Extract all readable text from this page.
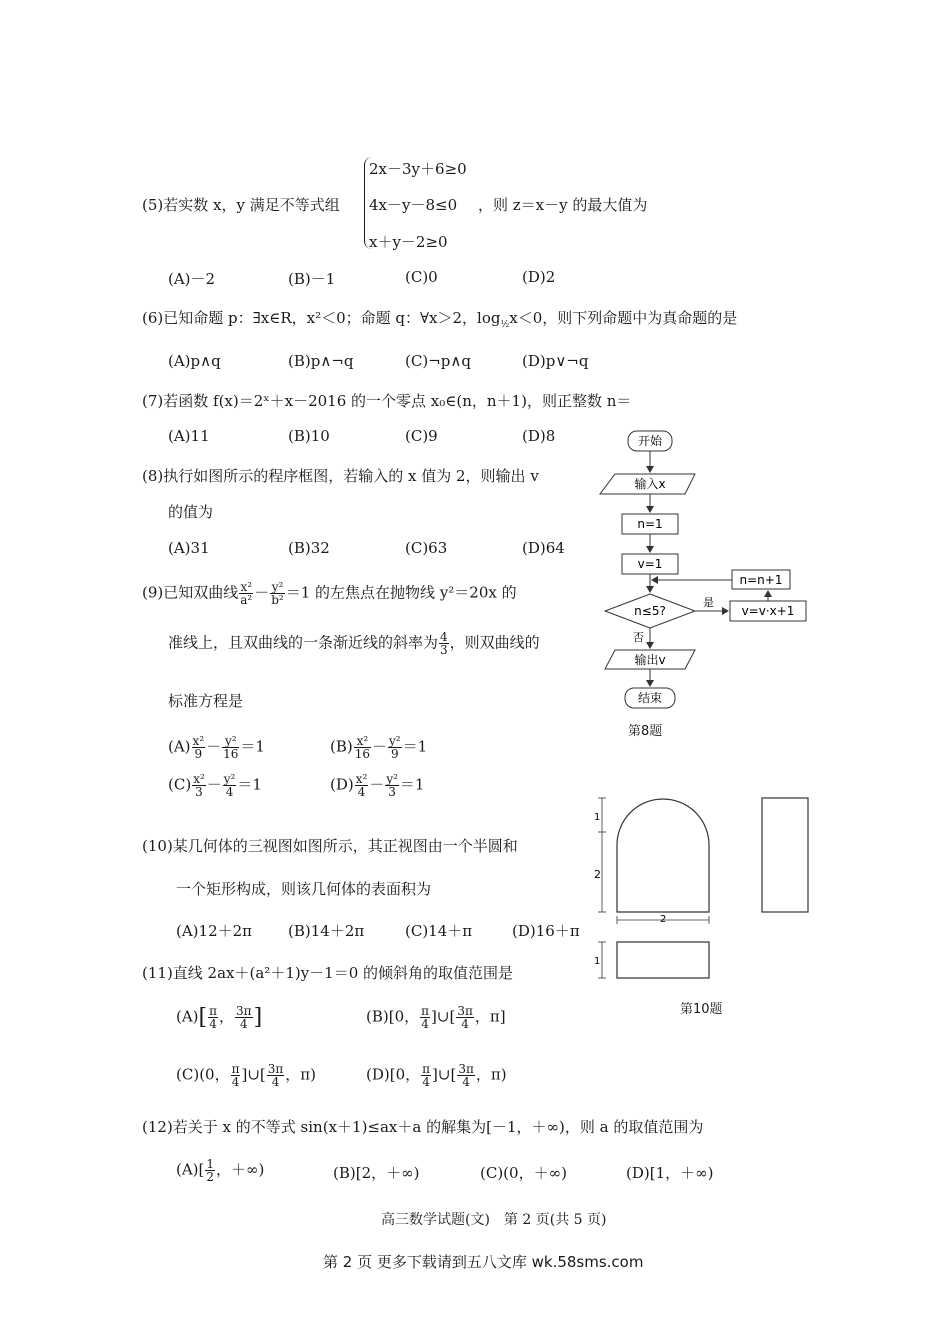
2x－3y＋6≥0
4x－y－8≤0
x＋y－2≥0
(5)若实数 x，y 满足不等式组	，则 z＝x－y 的最大值为
(A)－2	(B)－1	(C)0	(D)2
(6)已知命题 p：∃x∈R，x²＜0；命题 q：∀x＞2，$\log_{\frac{1}{2}}x<0$，则下列命题中为真命题的是
(A)p∧q	(B)p∧¬q	(C)¬p∧q	(D)p∨¬q
(7)若函数 f(x)＝2ˣ＋x－2016 的一个零点 x₀∈(n，n＋1)，则正整数 n＝
(A)11	(B)10	(C)9	(D)8
(8)执行如图所示的程序框图，若输入的 x 值为 2，则输出 v
的值为
(A)31	(B)32	(C)63	(D)64
开始
输入x
n=1
v=1
n≤5?
是
v=v·x+1
n=n+1
否
输出v
结束
第8题
(9)已知双曲线 $\frac{\text{x²}}{\text{a²}} - \frac{\text{y²}}{\text{b²}} =1$ 的左焦点在抛物线 y²＝20x 的
准线上，且双曲线的一条渐近线的斜率为 $\frac{4}{3}$ ，则双曲线的
标准方程是
$(A) \frac{\text{x²}}{9} - \frac{\text{y²}}{16} =1$	$(B) \frac{\text{x²}}{16} - \frac{\text{y²}}{9} =1$
$(C) \frac{\text{x²}}{3} - \frac{\text{y²}}{4} =1$	$(D) \frac{\text{x²}}{4} - \frac{\text{y²}}{3} =1$
(10)某几何体的三视图如图所示，其正视图由一个半圆和
一个矩形构成，则该几何体的表面积为
(A)12＋2π (B)14＋2π	(C)14＋π	(D)16＋π
1
2
2
1
第10题
(11)直线 2ax＋(a²＋1)y－1＝0 的倾斜角的取值范围是
$(A)[ \frac{\pi}{4}$ ， $\frac{3\pi}{4}$ ]	(B)[0， $\frac{\pi}{4}$ ]∪[ $\frac{3\pi}{4}$ ，π]
(C)(0， $\frac{\pi}{4}$ ]∪[ $\frac{3\pi}{4}$ ，π)	(D)[0， $\frac{\pi}{4}$ ]∪[ $\frac{3\pi}{4}$ ，π)
(12)若关于 x 的不等式 sin(x＋1)≤ax＋a 的解集为[－1，＋∞)，则 a 的取值范围为
$(A)[ \frac{1}{2}$ ，＋∞)	(B)[2，＋∞)	(C)(0，＋∞)	(D)[1，＋∞)
高三数学试题(文)　第 2 页(共 5 页)
第 2 页 更多下载请到五八文库 wk.58sms.com
